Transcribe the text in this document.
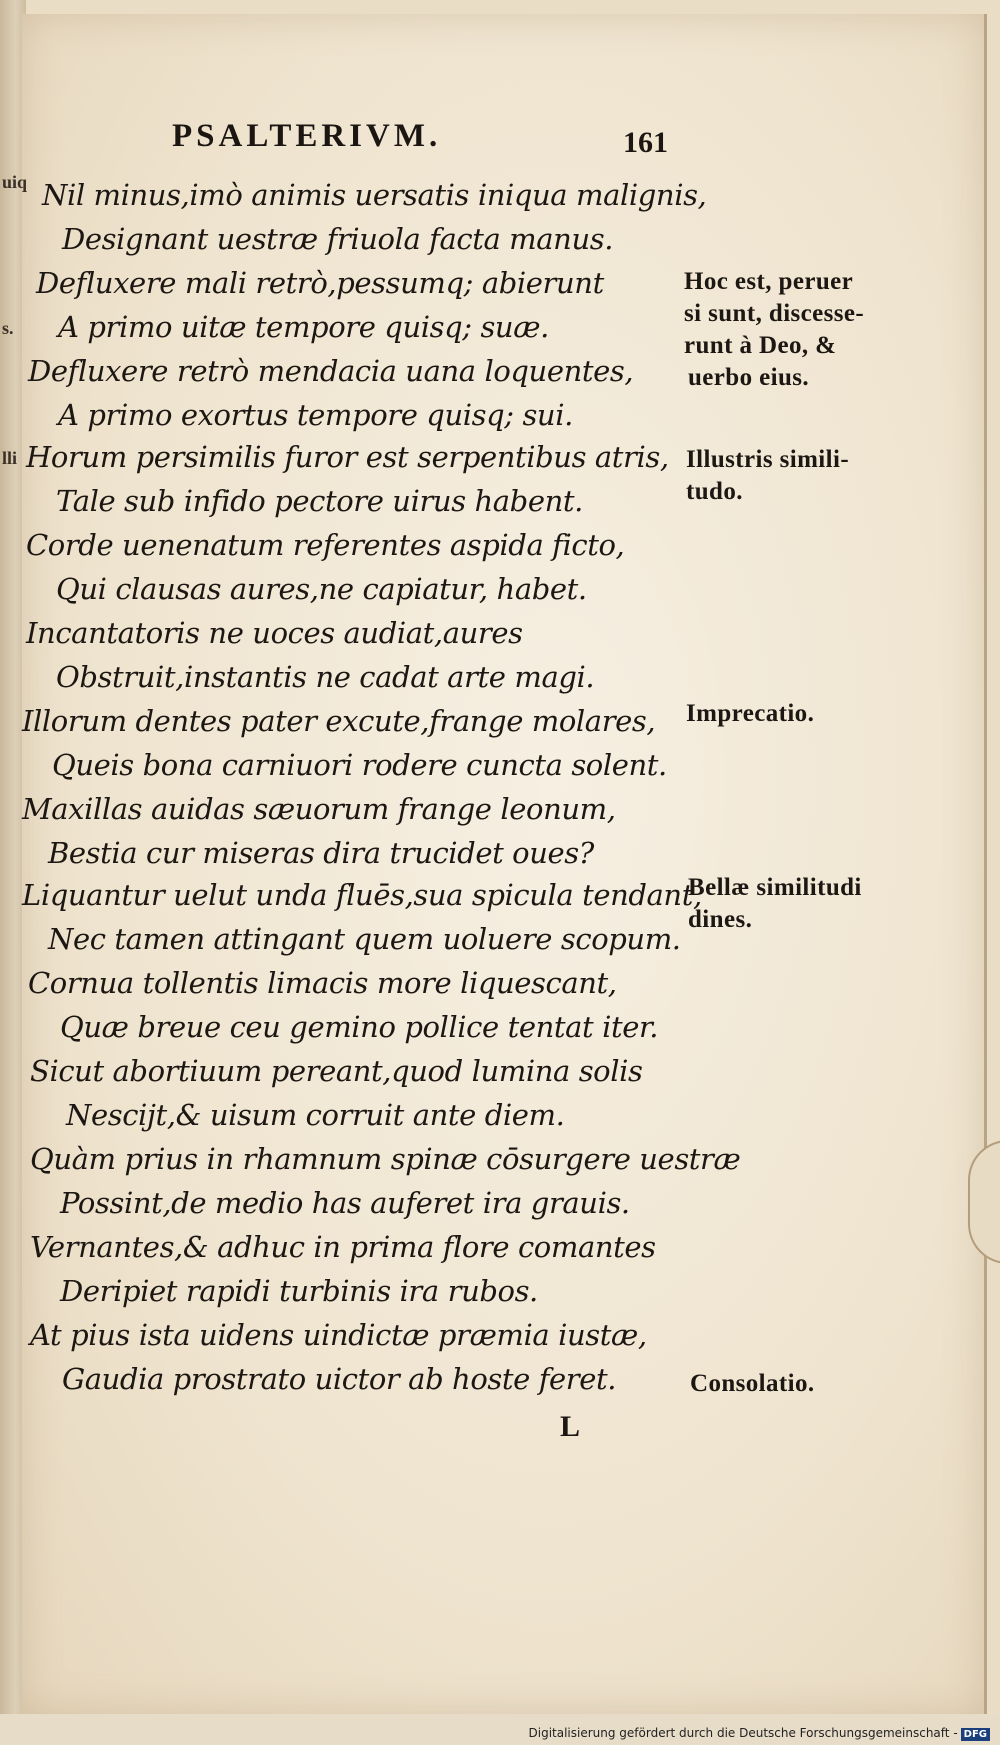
uiq
s.
lli
PSALTERIVM.	161
Nil minus,imò animis uersatis iniqua malignis,
Designant uestræ friuola facta manus.
Defluxere mali retrò,pessumq; abierunt
A primo uitæ tempore quisq; suæ.
Defluxere retrò mendacia uana loquentes,
A primo exortus tempore quisq; sui.
Horum persimilis furor est serpentibus atris,
Tale sub infido pectore uirus habent.
Corde uenenatum referentes aspida ficto,
Qui clausas aures,ne capiatur, habet.
Incantatoris ne uoces audiat,aures
Obstruit,instantis ne cadat arte magi.
Illorum dentes pater excute,frange molares,
Queis bona carniuori rodere cuncta solent.
Maxillas auidas sæuorum frange leonum,
Bestia cur miseras dira trucidet oues?
Liquantur uelut unda fluēs,sua spicula tendant,
Nec tamen attingant quem uoluere scopum.
Cornua tollentis limacis more liquescant,
Quæ breue ceu gemino pollice tentat iter.
Sicut abortiuum pereant,quod lumina solis
Nescijt,& uisum corruit ante diem.
Quàm prius in rhamnum spinæ cōsurgere uestræ
Possint,de medio has auferet ira grauis.
Vernantes,& adhuc in prima flore comantes
Deripiet rapidi turbinis ira rubos.
At pius ista uidens uindictæ præmia iustæ,
Gaudia prostrato uictor ab hoste feret.
Hoc est, peruer
si sunt, discesse-
runt à Deo, &
uerbo eius.
Illustris simili-
tudo.
Imprecatio.
Bellæ similitudi
dines.
Consolatio.
L
Digitalisierung gefördert durch die Deutsche Forschungsgemeinschaft - DFG
